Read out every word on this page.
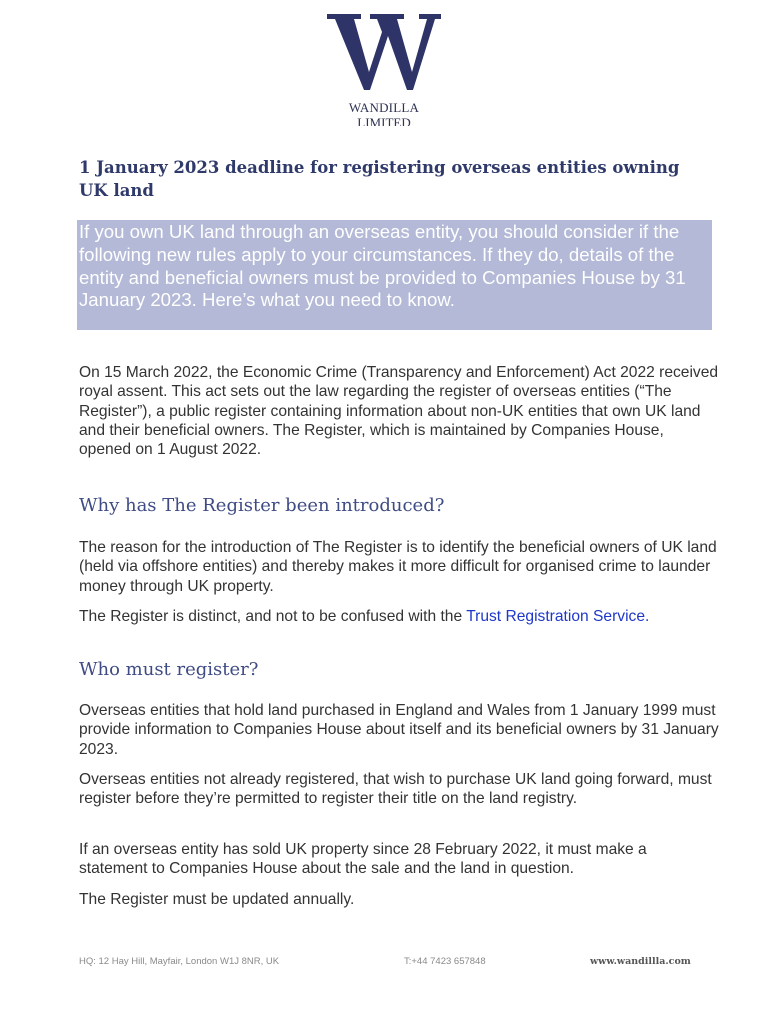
WANDILLA
LIMITED
1 January 2023 deadline for registering overseas entities owning UK land
If you own UK land through an overseas entity, you should consider if the following new rules apply to your circumstances. If they do, details of the entity and beneficial owners must be provided to Companies House by 31 January 2023. Here’s what you need to know.

On 15 March 2022, the Economic Crime (Transparency and Enforcement) Act 2022 received royal assent. This act sets out the law regarding the register of overseas entities (“The Register”), a public register containing information about non-UK entities that own UK land and their beneficial owners. The Register, which is maintained by Companies House, opened on 1 August 2022.

Why has The Register been introduced?

The reason for the introduction of The Register is to identify the beneficial owners of UK land (held via offshore entities) and thereby makes it more difficult for organised crime to launder money through UK property.

The Register is distinct, and not to be confused with the Trust Registration Service.

Who must register?

Overseas entities that hold land purchased in England and Wales from 1 January 1999 must provide information to Companies House about itself and its beneficial owners by 31 January 2023.

Overseas entities not already registered, that wish to purchase UK land going forward, must register before they’re permitted to register their title on the land registry.

If an overseas entity has sold UK property since 28 February 2022, it must make a statement to Companies House about the sale and the land in question.

The Register must be updated annually.

HQ: 12 Hay Hill, Mayfair, London W1J 8NR, UK	T:+44 7423 657848	www.wandillla.com
